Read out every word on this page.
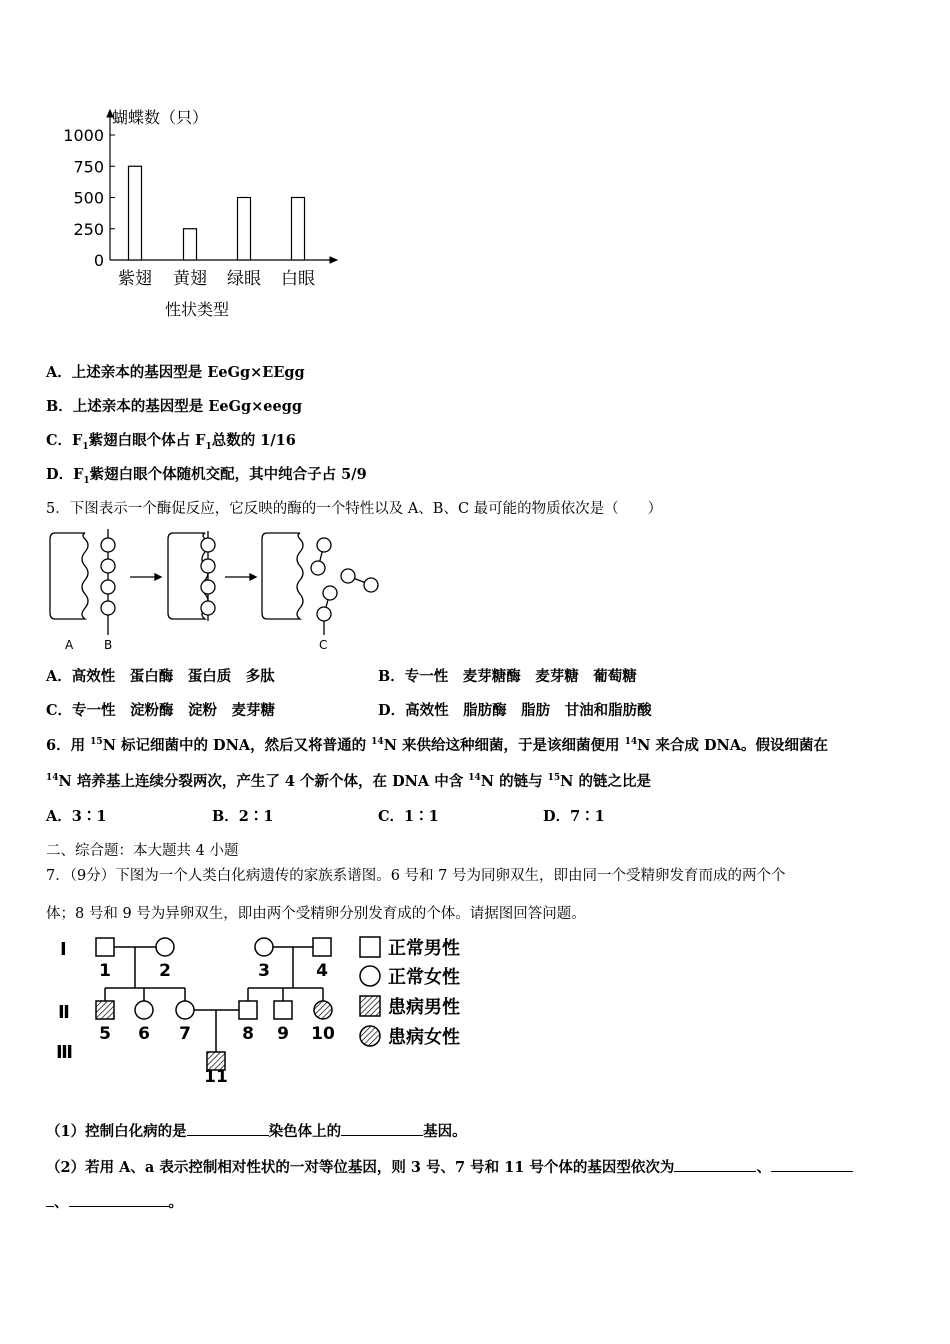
0
250
500
750
1000
紫翅 黄翅 绿眼 白眼
蝴蝶数（只）
性状类型
A．上述亲本的基因型是 EeGg×EEgg
B．上述亲本的基因型是 EeGg×eegg
C．$F_1$紫翅白眼个体占 $F_1$总数的 1/16
D．$F_1$紫翅白眼个体随机交配，其中纯合子占 5/9
5．下图表示一个酶促反应，它反映的酶的一个特性以及 A、B、C 最可能的物质依次是（　　）
A	B	C
A．高效性　蛋白酶　蛋白质　多肽	B．专一性　麦芽糖酶　麦芽糖　葡萄糖
C．专一性　淀粉酶　淀粉　麦芽糖	D．高效性　脂肪酶　脂肪　甘油和脂肪酸
6．用 $^{15}$N 标记细菌中的 DNA，然后又将普通的 $^{14}$N 来供给这种细菌，于是该细菌便用 $^{14}$N 来合成 DNA。假设细菌在
$^{14}$N 培养基上连续分裂两次，产生了 4 个新个体，在 DNA 中含 $^{14}$N 的链与 $^{15}$N 的链之比是
A．3∶1	B．2∶1	C．1∶1	D．7∶1
二、综合题：本大题共 4 小题
7．（9分）下图为一个人类白化病遗传的家族系谱图。6 号和 7 号为同卵双生，即由同一个受精卵发育而成的两个个
体；8 号和 9 号为异卵双生，即由两个受精卵分别发育成的个体。请据图回答问题。
Ⅰ
Ⅱ
Ⅲ
1	2	3	4
5 6 7	8 9 10
11
正常男性
正常女性
患病男性
患病女性
（1）控制白化病的是	染色体上的	基因。
（2）若用 A、a 表示控制相对性状的一对等位基因，则 3 号、7 号和 11 号个体的基因型依次为	、
、	。
